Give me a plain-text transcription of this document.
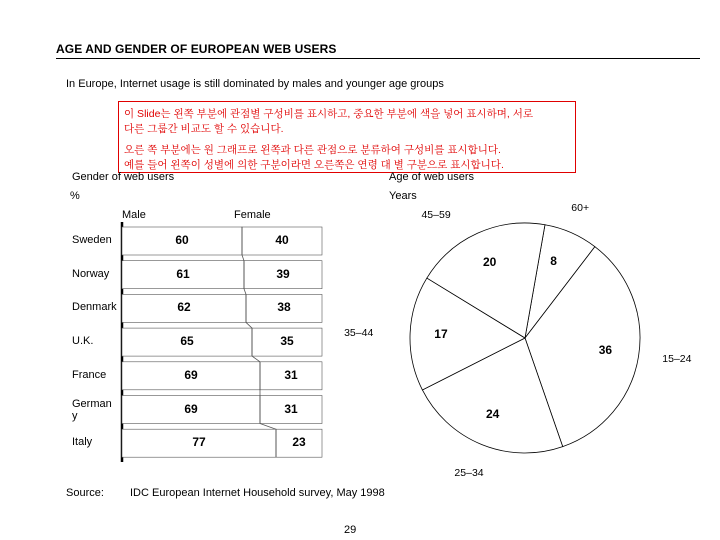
AGE AND GENDER OF EUROPEAN WEB USERS
In Europe, Internet usage is still dominated by males and younger age groups

이 Slide는 왼쪽 부분에 관점별 구성비를 표시하고, 중요한 부분에 색을 넣어 표시하며, 서로

다른 그룹간 비교도 할 수 있습니다.

오른 쪽 부분에는 원 그래프로 왼쪽과 다른 관점으로 분류하여 구성비를 표시합니다.

예를 들어 왼쪽이 성별에 의한 구분이라면 오른쪽은 연령 대 별 구분으로 표시합니다.

Gender of web users	Age of web users
%	Years
Male	Female
Sweden	60	40
Norway	61	39
Denmark	62	38
U.K.	65	35
France	69	31
German y	69	31
Italy	77	23
8
60+
36
15–24
24
25–34
17
35–44
20
45–59
Source: IDC European Internet Household survey, May 1998
29
